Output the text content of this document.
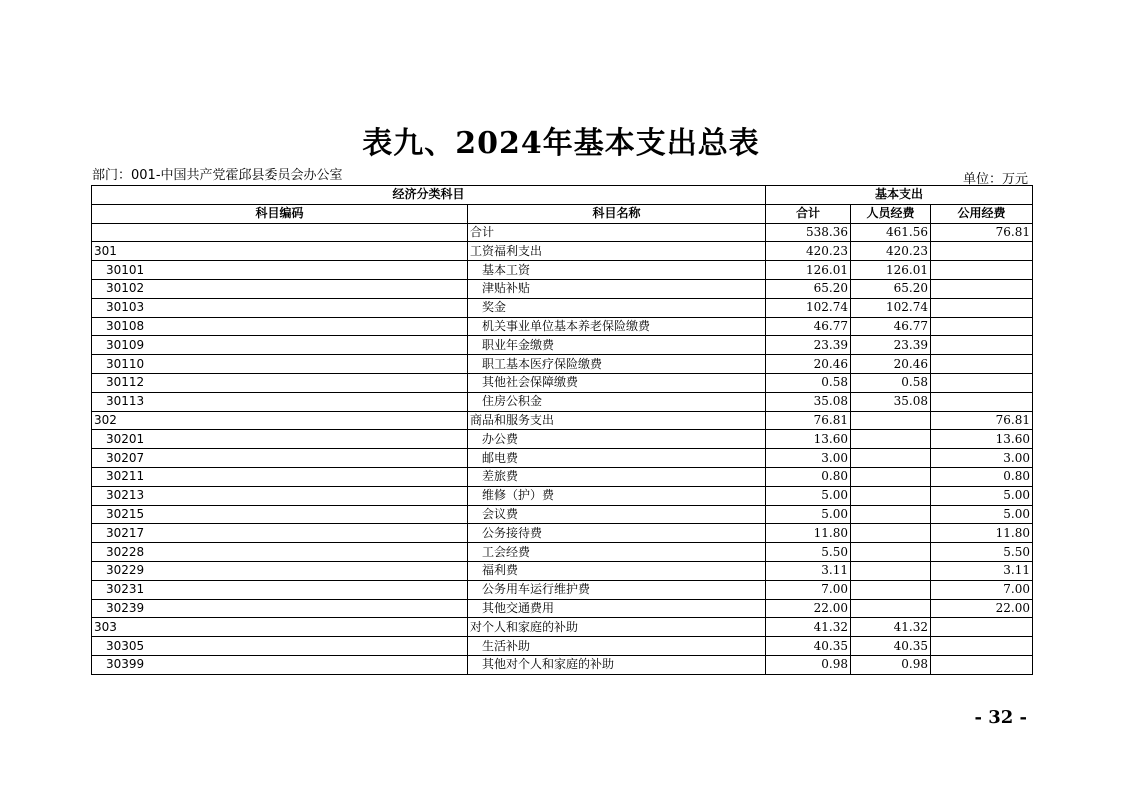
表九、2024年基本支出总表
部门：001-中国共产党霍邱县委员会办公室	单位：万元
经济分类科目		基本支出		
科目编码	科目名称	合计	人员经费	公用经费
	合计	538.36	461.56	76.81
301	工资福利支出	420.23	420.23	
30101	基本工资	126.01	126.01	
30102	津贴补贴	65.20	65.20	
30103	奖金	102.74	102.74	
30108	机关事业单位基本养老保险缴费	46.77	46.77	
30109	职业年金缴费	23.39	23.39	
30110	职工基本医疗保险缴费	20.46	20.46	
30112	其他社会保障缴费	0.58	0.58	
30113	住房公积金	35.08	35.08	
302	商品和服务支出	76.81		76.81
30201	办公费	13.60		13.60
30207	邮电费	3.00		3.00
30211	差旅费	0.80		0.80
30213	维修（护）费	5.00		5.00
30215	会议费	5.00		5.00
30217	公务接待费	11.80		11.80
30228	工会经费	5.50		5.50
30229	福利费	3.11		3.11
30231	公务用车运行维护费	7.00		7.00
30239	其他交通费用	22.00		22.00
303	对个人和家庭的补助	41.32	41.32	
30305	生活补助	40.35	40.35	
30399	其他对个人和家庭的补助	0.98	0.98	
- 32 -
